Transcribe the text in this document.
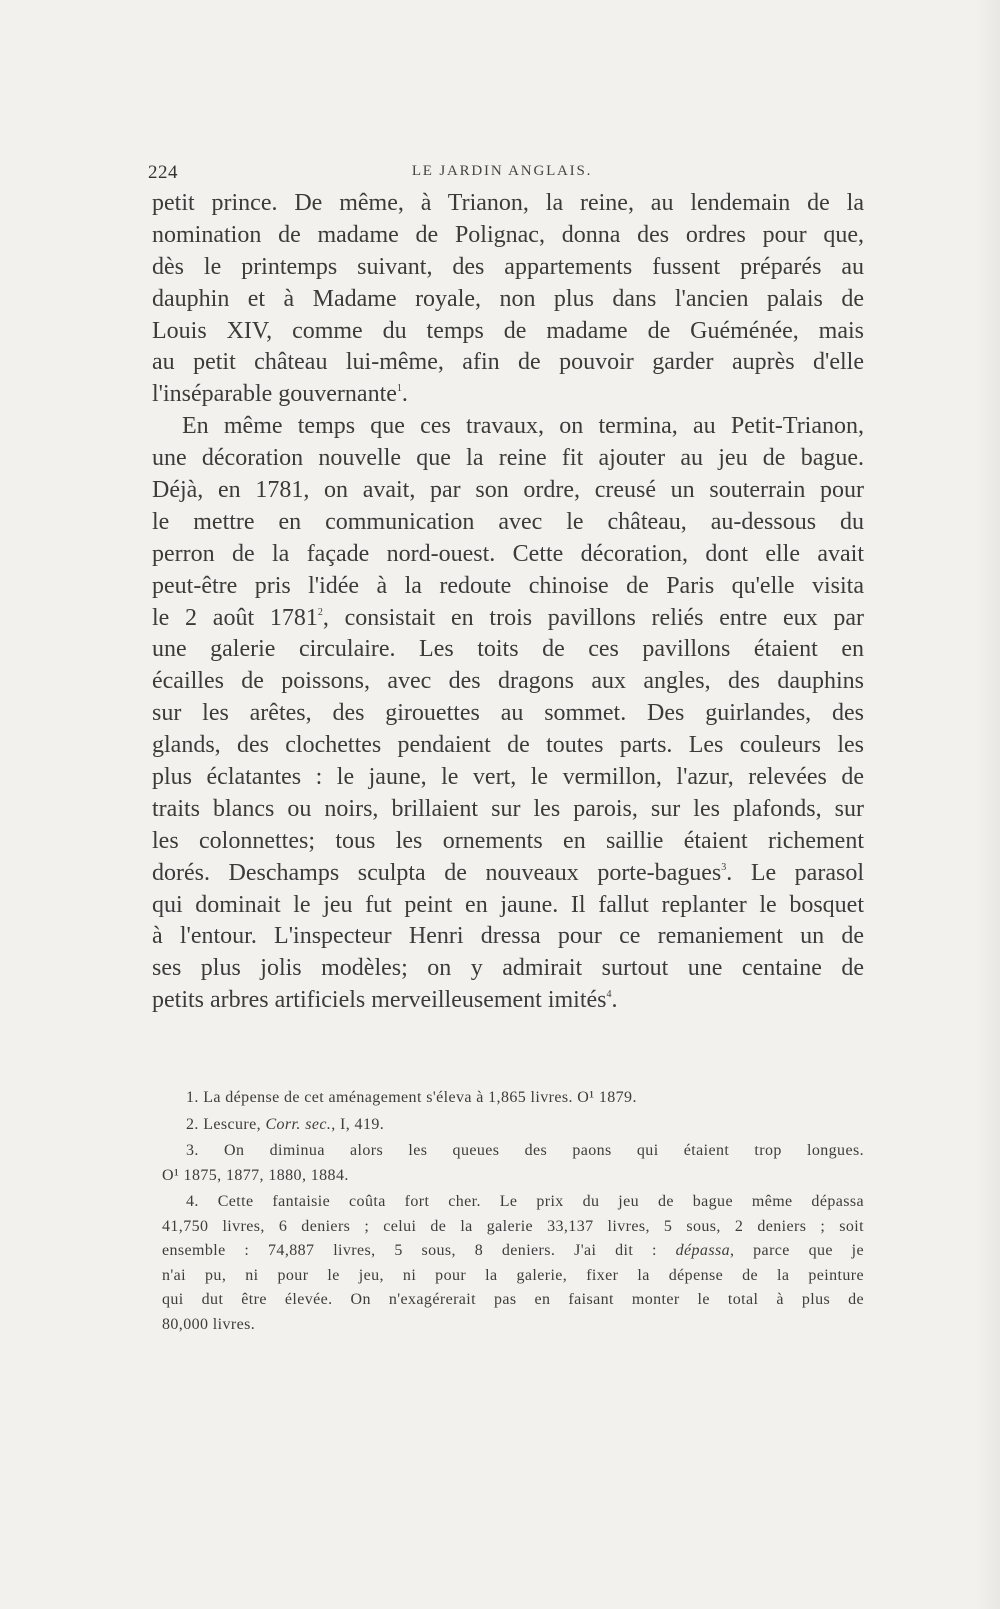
224	LE JARDIN ANGLAIS.

petit prince. De même, à Trianon, la reine, au lendemain de la
nomination de madame de Polignac, donna des ordres pour que,
dès le printemps suivant, des appartements fussent préparés au
dauphin et à Madame royale, non plus dans l'ancien palais de
Louis XIV, comme du temps de madame de Guéménée, mais
au petit château lui-même, afin de pouvoir garder auprès d'elle
l'inséparable gouvernante$^1$.

En même temps que ces travaux, on termina, au Petit-Trianon,
une décoration nouvelle que la reine fit ajouter au jeu de bague.
Déjà, en 1781, on avait, par son ordre, creusé un souterrain pour
le mettre en communication avec le château, au-dessous du
perron de la façade nord-ouest. Cette décoration, dont elle avait
peut-être pris l'idée à la redoute chinoise de Paris qu'elle visita
le 2 août 1781$^2$, consistait en trois pavillons reliés entre eux par
une galerie circulaire. Les toits de ces pavillons étaient en
écailles de poissons, avec des dragons aux angles, des dauphins
sur les arêtes, des girouettes au sommet. Des guirlandes, des
glands, des clochettes pendaient de toutes parts. Les couleurs les
plus éclatantes : le jaune, le vert, le vermillon, l'azur, relevées de
traits blancs ou noirs, brillaient sur les parois, sur les plafonds, sur
les colonnettes; tous les ornements en saillie étaient richement
dorés. Deschamps sculpta de nouveaux porte-bagues$^3$. Le parasol
qui dominait le jeu fut peint en jaune. Il fallut replanter le bosquet
à l'entour. L'inspecteur Henri dressa pour ce remaniement un de
ses plus jolis modèles; on y admirait surtout une centaine de
petits arbres artificiels merveilleusement imités$^4$.

1. La dépense de cet aménagement s'éleva à 1,865 livres. O¹ 1879.
2. Lescure, Corr. sec., I, 419.
3. On diminua alors les queues des paons qui étaient trop longues.
O¹ 1875, 1877, 1880, 1884.
4. Cette fantaisie coûta fort cher. Le prix du jeu de bague même dépassa
41,750 livres, 6 deniers ; celui de la galerie 33,137 livres, 5 sous, 2 deniers ; soit
ensemble : 74,887 livres, 5 sous, 8 deniers. J'ai dit : dépassa, parce que je
n'ai pu, ni pour le jeu, ni pour la galerie, fixer la dépense de la peinture
qui dut être élevée. On n'exagérerait pas en faisant monter le total à plus de
80,000 livres.
